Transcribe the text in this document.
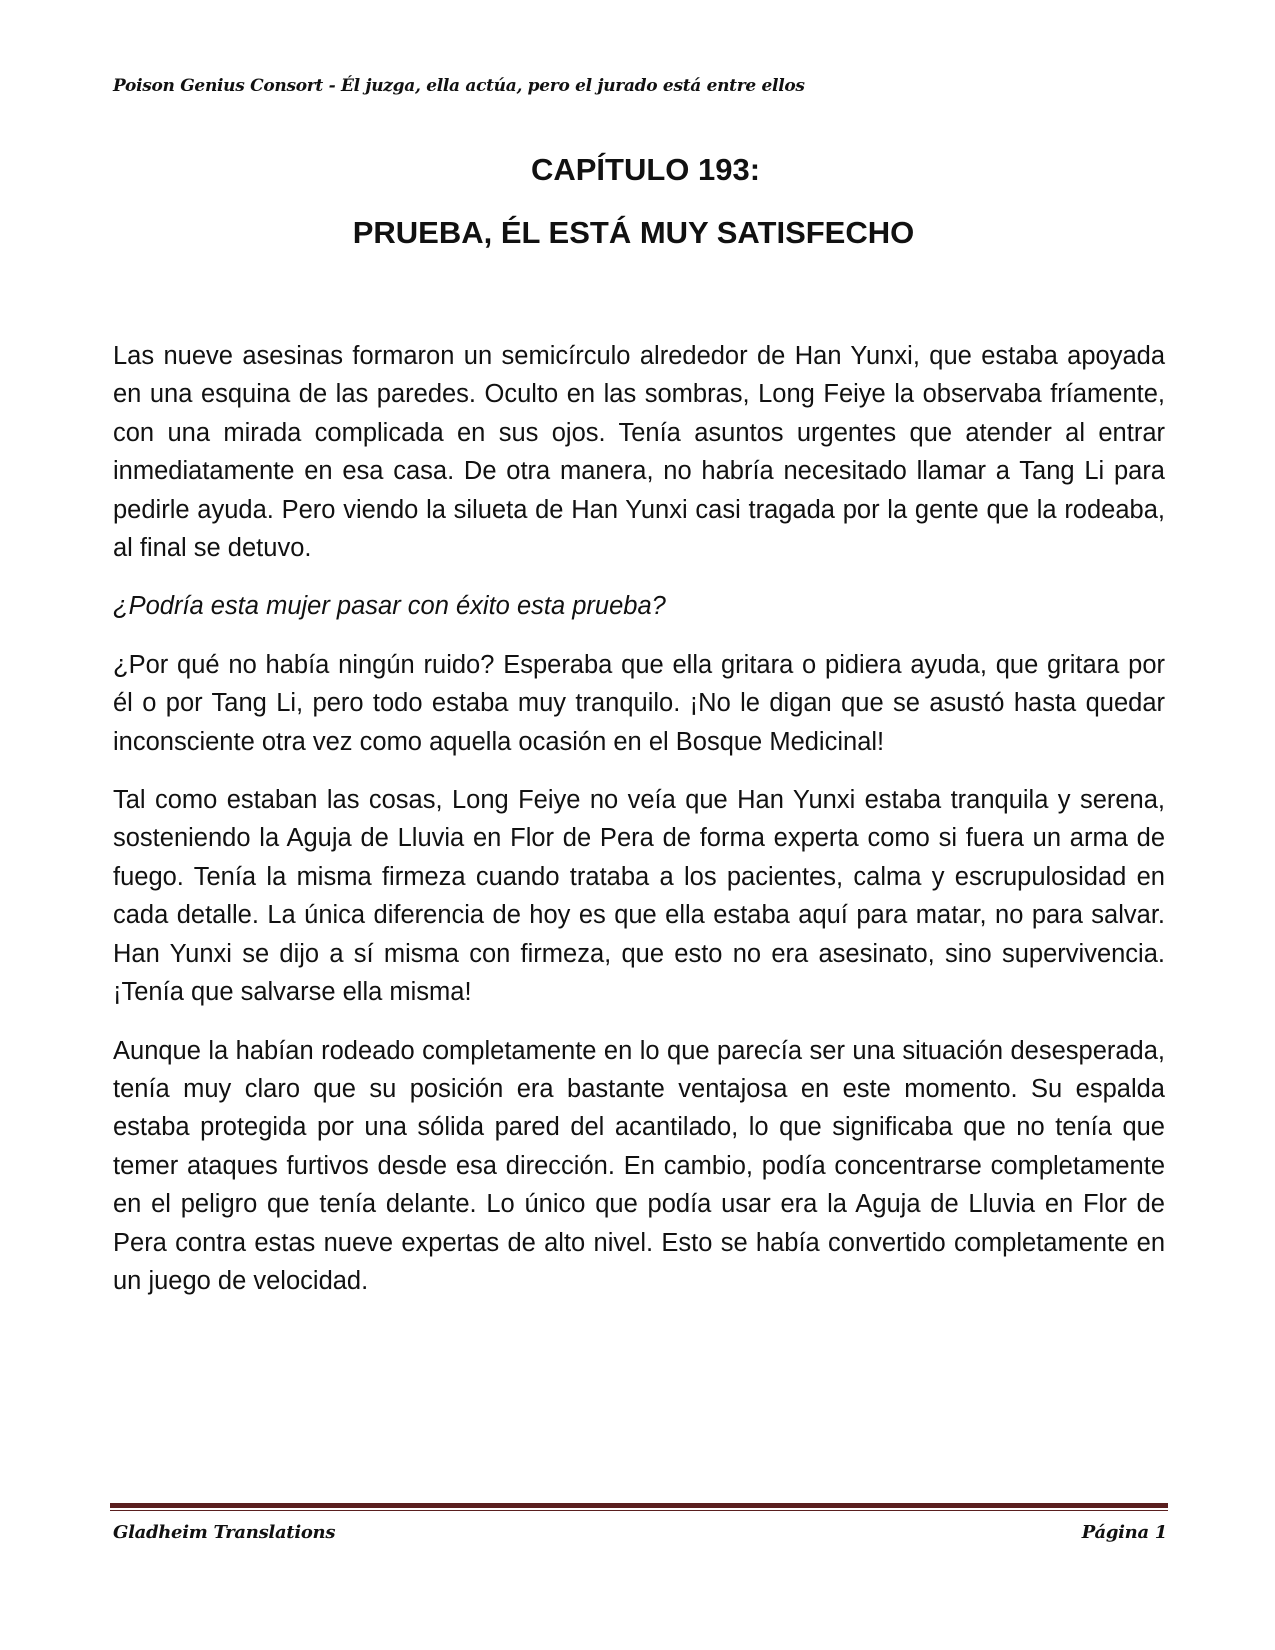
Poison Genius Consort - Él juzga, ella actúa, pero el jurado está entre ellos
CAPÍTULO 193:
PRUEBA, ÉL ESTÁ MUY SATISFECHO

Las nueve asesinas formaron un semicírculo alrededor de Han Yunxi, que estaba apoyada en una esquina de las paredes. Oculto en las sombras, Long Feiye la observaba fríamente, con una mirada complicada en sus ojos. Tenía asuntos urgentes que atender al entrar inmediatamente en esa casa. De otra manera, no habría necesitado llamar a Tang Li para pedirle ayuda. Pero viendo la silueta de Han Yunxi casi tragada por la gente que la rodeaba, al final se detuvo.

¿Podría esta mujer pasar con éxito esta prueba?

¿Por qué no había ningún ruido? Esperaba que ella gritara o pidiera ayuda, que gritara por él o por Tang Li, pero todo estaba muy tranquilo. ¡No le digan que se asustó hasta quedar inconsciente otra vez como aquella ocasión en el Bosque Medicinal!

Tal como estaban las cosas, Long Feiye no veía que Han Yunxi estaba tranquila y serena, sosteniendo la Aguja de Lluvia en Flor de Pera de forma experta como si fuera un arma de fuego. Tenía la misma firmeza cuando trataba a los pacientes, calma y escrupulosidad en cada detalle. La única diferencia de hoy es que ella estaba aquí para matar, no para salvar. Han Yunxi se dijo a sí misma con firmeza, que esto no era asesinato, sino supervivencia. ¡Tenía que salvarse ella misma!

Aunque la habían rodeado completamente en lo que parecía ser una situación desesperada, tenía muy claro que su posición era bastante ventajosa en este momento. Su espalda estaba protegida por una sólida pared del acantilado, lo que significaba que no tenía que temer ataques furtivos desde esa dirección. En cambio, podía concentrarse completamente en el peligro que tenía delante. Lo único que podía usar era la Aguja de Lluvia en Flor de Pera contra estas nueve expertas de alto nivel. Esto se había convertido completamente en un juego de velocidad.

Gladheim Translations	Página 1
